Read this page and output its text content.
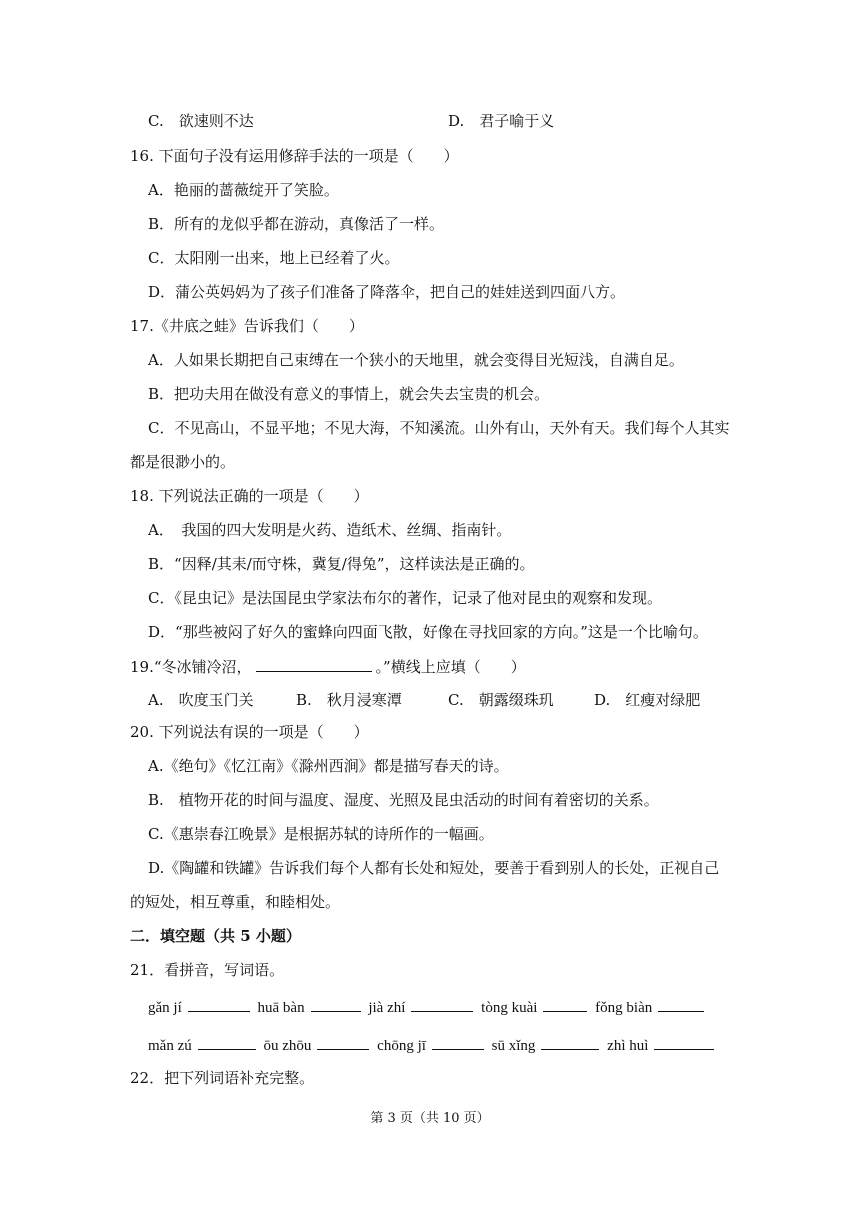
C.　欲速则不达	D.　君子喻于义
16. 下面句子没有运用修辞手法的一项是（　　）
A．艳丽的蔷薇绽开了笑脸。
B．所有的龙似乎都在游动，真像活了一样。
C．太阳刚一出来，地上已经着了火。
D．蒲公英妈妈为了孩子们准备了降落伞，把自己的娃娃送到四面八方。
17.《井底之蛙》告诉我们（　　）
A．人如果长期把自己束缚在一个狭小的天地里，就会变得目光短浅，自满自足。
B．把功夫用在做没有意义的事情上，就会失去宝贵的机会。
C．不见高山，不显平地；不见大海，不知溪流。山外有山，天外有天。我们每个人其实
都是很渺小的。
18. 下列说法正确的一项是（　　）
A．　我国的四大发明是火药、造纸术、丝绸、指南针。
B．“因释/其耒/而守株，冀复/得兔”，这样读法是正确的。
C．《昆虫记》是法国昆虫学家法布尔的著作，记录了他对昆虫的观察和发现。
D．“那些被闷了好久的蜜蜂向四面飞散，好像在寻找回家的方向。”这是一个比喻句。
19.“冬冰铺冷沼，	。”横线上应填（　　）
A.　吹度玉门关	B.　秋月浸寒潭	C.　朝露缀珠玑	D.　红瘦对绿肥
20. 下列说法有误的一项是（　　）
A.《绝句》《忆江南》《滁州西涧》都是描写春天的诗。
B.　植物开花的时间与温度、湿度、光照及昆虫活动的时间有着密切的关系。
C.《惠崇春江晚景》是根据苏轼的诗所作的一幅画。
D.《陶罐和铁罐》告诉我们每个人都有长处和短处，要善于看到别人的长处，正视自己
的短处，相互尊重，和睦相处。
二．填空题（共 5 小题）
21．看拼音，写词语。
gǎn jí	huā bàn	jià zhí	tòng kuài	fǒng biàn
mǎn zú	ōu zhōu	chōng jī	sū xǐng	zhì huì
22．把下列词语补充完整。
第 3 页（共 10 页）
